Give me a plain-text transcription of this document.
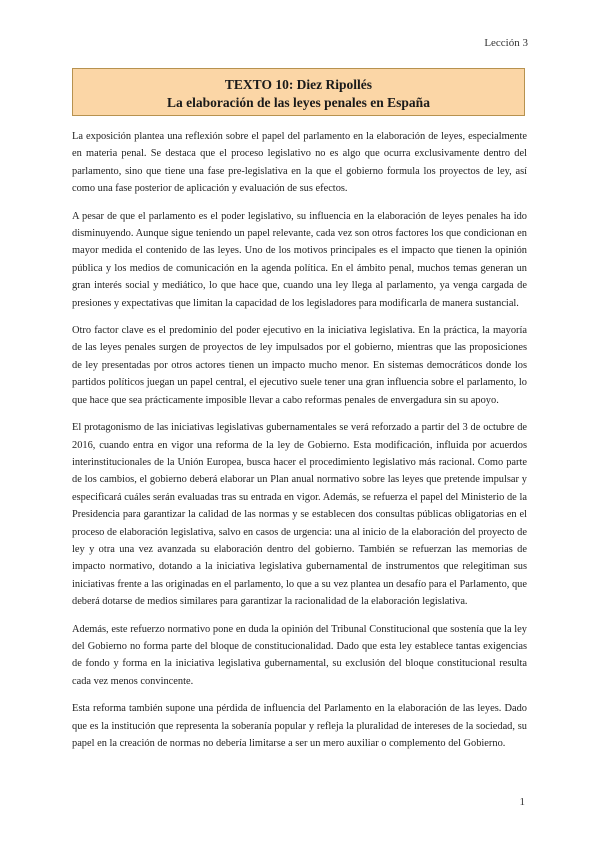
Lección 3
TEXTO 10: Diez Ripollés
La elaboración de las leyes penales en España

La exposición plantea una reflexión sobre el papel del parlamento en la elaboración de leyes, especialmente en materia penal. Se destaca que el proceso legislativo no es algo que ocurra exclusivamente dentro del parlamento, sino que tiene una fase pre-legislativa en la que el gobierno formula los proyectos de ley, así como una fase posterior de aplicación y evaluación de sus efectos.

A pesar de que el parlamento es el poder legislativo, su influencia en la elaboración de leyes penales ha ido disminuyendo. Aunque sigue teniendo un papel relevante, cada vez son otros factores los que condicionan en mayor medida el contenido de las leyes. Uno de los motivos principales es el impacto que tienen la opinión pública y los medios de comunicación en la agenda política. En el ámbito penal, muchos temas generan un gran interés social y mediático, lo que hace que, cuando una ley llega al parlamento, ya venga cargada de presiones y expectativas que limitan la capacidad de los legisladores para modificarla de manera sustancial.

Otro factor clave es el predominio del poder ejecutivo en la iniciativa legislativa. En la práctica, la mayoría de las leyes penales surgen de proyectos de ley impulsados por el gobierno, mientras que las proposiciones de ley presentadas por otros actores tienen un impacto mucho menor. En sistemas democráticos donde los partidos políticos juegan un papel central, el ejecutivo suele tener una gran influencia sobre el parlamento, lo que hace que sea prácticamente imposible llevar a cabo reformas penales de envergadura sin su apoyo.

El protagonismo de las iniciativas legislativas gubernamentales se verá reforzado a partir del 3 de octubre de 2016, cuando entra en vigor una reforma de la ley de Gobierno. Esta modificación, influida por acuerdos interinstitucionales de la Unión Europea, busca hacer el procedimiento legislativo más racional. Como parte de los cambios, el gobierno deberá elaborar un Plan anual normativo sobre las leyes que pretende impulsar y especificará cuáles serán evaluadas tras su entrada en vigor. Además, se refuerza el papel del Ministerio de la Presidencia para garantizar la calidad de las normas y se establecen dos consultas públicas obligatorias en el proceso de elaboración legislativa, salvo en casos de urgencia: una al inicio de la elaboración del proyecto de ley y otra una vez avanzada su elaboración dentro del gobierno. También se refuerzan las memorias de impacto normativo, dotando a la iniciativa legislativa gubernamental de instrumentos que relegitiman sus iniciativas frente a las originadas en el parlamento, lo que a su vez plantea un desafío para el Parlamento, que deberá dotarse de medios similares para garantizar la racionalidad de la elaboración legislativa.

Además, este refuerzo normativo pone en duda la opinión del Tribunal Constitucional que sostenía que la ley del Gobierno no forma parte del bloque de constitucionalidad. Dado que esta ley establece tantas exigencias de fondo y forma en la iniciativa legislativa gubernamental, su exclusión del bloque constitucional resulta cada vez menos convincente.

Esta reforma también supone una pérdida de influencia del Parlamento en la elaboración de las leyes. Dado que es la institución que representa la soberanía popular y refleja la pluralidad de intereses de la sociedad, su papel en la creación de normas no debería limitarse a ser un mero auxiliar o complemento del Gobierno.

1
